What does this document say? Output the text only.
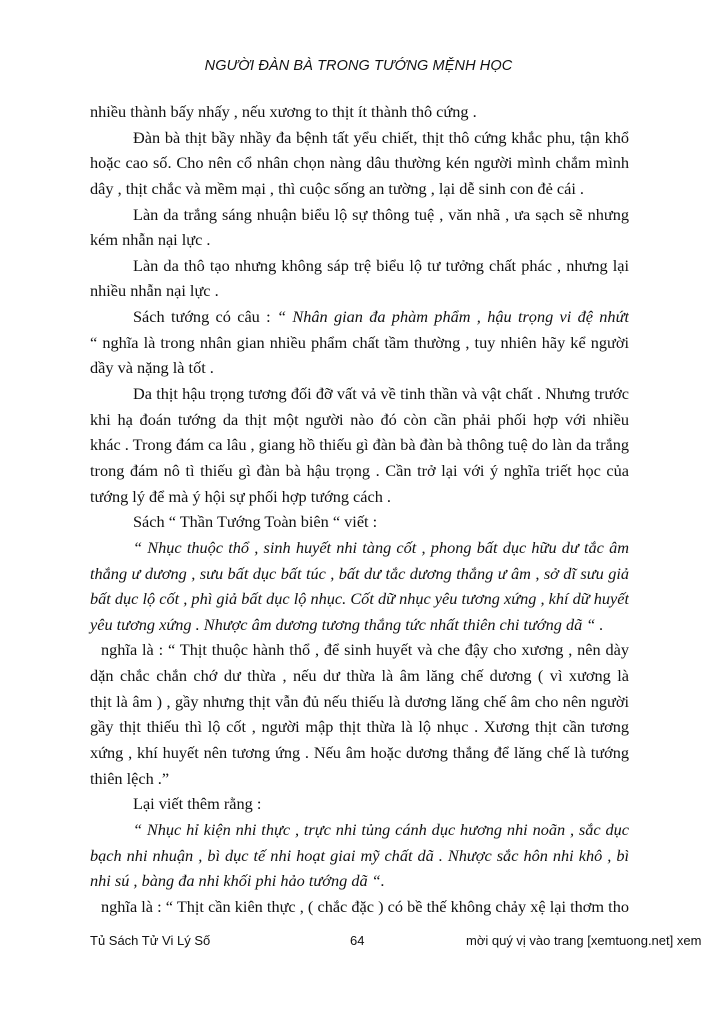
NGƯỜI ĐÀN BÀ TRONG TƯỚNG MỆNH HỌC
nhiều thành bấy nhấy , nếu xương to thịt ít thành thô cứng .
Đàn bà thịt bầy nhầy đa bệnh tất yểu chiết, thịt thô cứng khắc phu, tận khổ
hoặc cao số. Cho nên cổ nhân chọn nàng dâu thường kén người mình chắm mình
dây , thịt chắc và mềm mại , thì cuộc sống an tường , lại dễ sinh con đẻ cái .
Làn da trắng sáng nhuận biểu lộ sự thông tuệ , văn nhã , ưa sạch sẽ nhưng
kém nhẫn nại lực .
Làn da thô tạo nhưng không sáp trệ biểu lộ tư tưởng chất phác , nhưng lại
nhiều nhẫn nại lực .
Sách tướng có câu : “ Nhân gian đa phàm phẩm , hậu trọng vi đệ nhứt
“ nghĩa là trong nhân gian nhiều phẩm chất tầm thường , tuy nhiên hãy kể người
dầy và nặng là tốt .
Da thịt hậu trọng tương đối đỡ vất vả về tinh thần và vật chất . Nhưng trước
khi hạ đoán tướng da thịt một người nào đó còn cần phải phối hợp với nhiều
khác . Trong đám ca lâu , giang hồ thiếu gì đàn bà đàn bà thông tuệ do làn da trắng
trong đám nô tì thiếu gì đàn bà hậu trọng . Cần trở lại với ý nghĩa triết học của
tướng lý để mà ý hội sự phối hợp tướng cách .
Sách “ Thần Tướng Toàn biên “ viết :
“ Nhục thuộc thổ , sinh huyết nhi tàng cốt , phong bất dục hữu dư tắc âm
thắng ư dương , sưu bất dục bất túc , bất dư tắc dương thắng ư âm , sở dĩ sưu giả
bất dục lộ cốt , phì giả bất dục lộ nhục. Cốt dữ nhục yêu tương xứng , khí dữ huyết
yêu tương xứng . Nhược âm dương tương thắng tức nhất thiên chi tướng dã “ .
nghĩa là : “ Thịt thuộc hành thổ , để sinh huyết và che đậy cho xương , nên dày
dặn chắc chắn chớ dư thừa , nếu dư thừa là âm lăng chế dương ( vì xương là
thịt là âm ) , gầy nhưng thịt vẫn đủ nếu thiếu là dương lăng chế âm cho nên người
gầy thịt thiếu thì lộ cốt , người mập thịt thừa là lộ nhục . Xương thịt cần tương
xứng , khí huyết nên tương ứng . Nếu âm hoặc dương thắng để lăng chế là tướng
thiên lệch .”
Lại viết thêm rằng :
“ Nhục hỉ kiện nhi thực , trực nhi tủng cánh dục hương nhi noãn , sắc dục
bạch nhi nhuận , bì dục tế nhi hoạt giai mỹ chất dã . Nhược sắc hôn nhi khô , bì
nhi sú , bàng đa nhi khối phi hảo tướng dã “.
nghĩa là : “ Thịt cần kiên thực , ( chắc đặc ) có bề thế không chảy xệ lại thơm tho
Tủ Sách Tử Vi Lý Số	64	mời quý vị vào trang [xemtuong.net] xem
